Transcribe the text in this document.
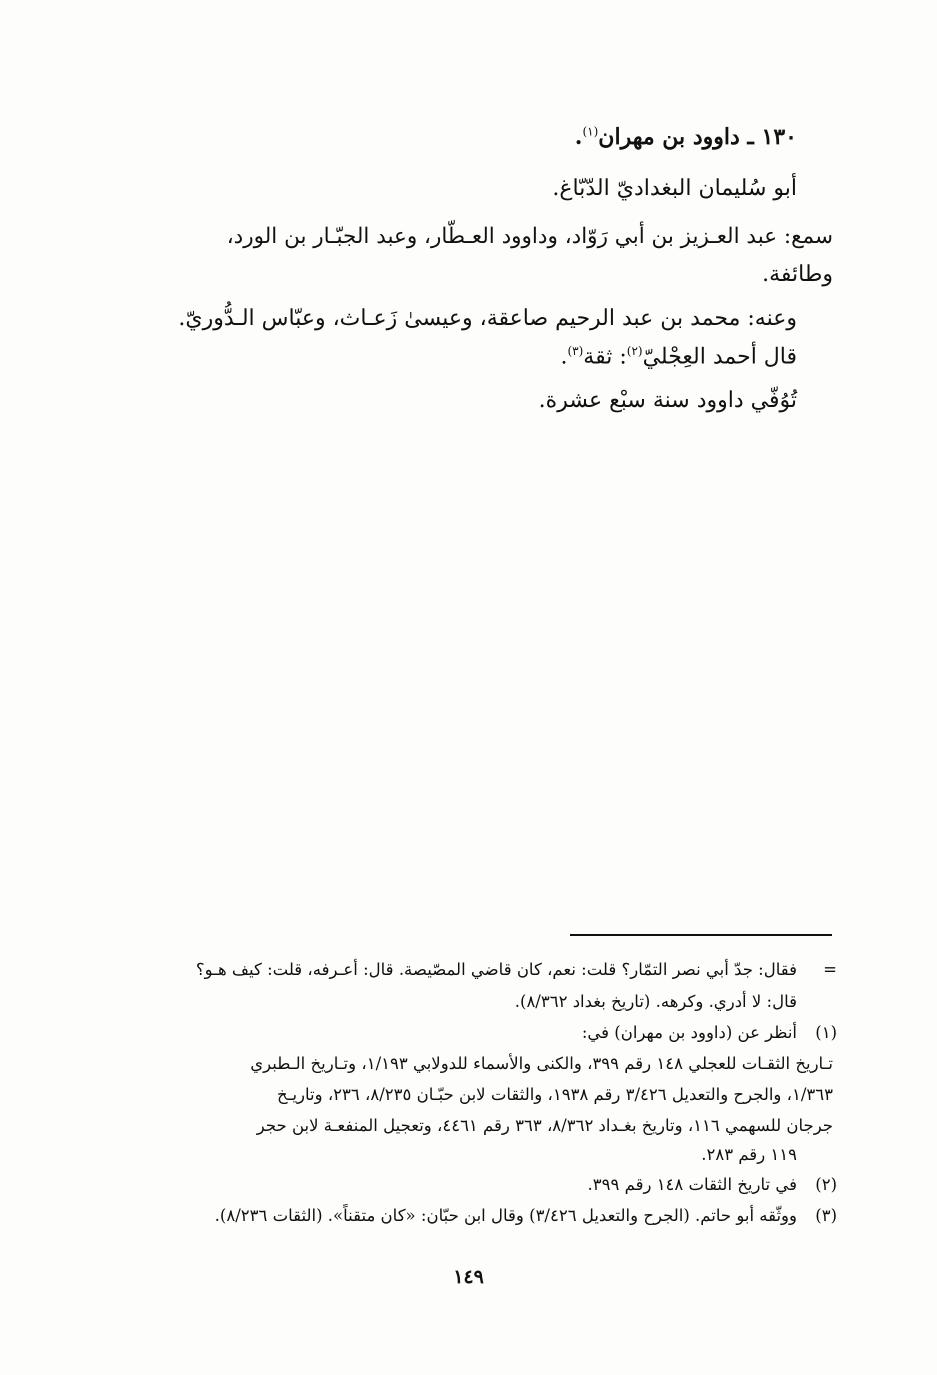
١٣٠ ـ داوود بن مهران$^{(١)}$.
أبو سُليمان البغداديّ الدّبّاغ.
سمع: عبد العـزيز بن أبي رَوّاد، وداوود العـطّار، وعبد الجبّـار بن الورد،
وطائفة.
وعنه: محمد بن عبد الرحيم صاعقة، وعيسىٰ زَعـاث، وعبّاس الـدُّوريّ.
قال أحمد العِجْليّ$^{(٢)}$: ثقة$^{(٣)}$.
تُوُفّي داوود سنة سبْع عشرة.
=
فقال: جدّ أبي نصر التمّار؟ قلت: نعم، كان قاضي المصّيصة. قال: أعـرفه، قلت: كيف هـو؟
قال: لا أدري. وكرهه. (تاريخ بغداد ٨/٣٦٢).
(١)
أنظر عن (داوود بن مهران) في:
تـاريخ الثقـات للعجلي ١٤٨ رقم ٣٩٩، والكنى والأسماء للدولابي ١/١٩٣، وتـاريخ الـطبري
١/٣٦٣، والجرح والتعديل ٣/٤٢٦ رقم ١٩٣٨، والثقات لابن حبّـان ٨/٢٣٥، ٢٣٦، وتاريـخ
جرجان للسهمي ١١٦، وتاريخ بغـداد ٨/٣٦٢، ٣٦٣ رقم ٤٤٦١، وتعجيل المنفعـة لابن حجر
١١٩ رقم ٢٨٣.
(٢)
في تاريخ الثقات ١٤٨ رقم ٣٩٩.
(٣)
ووثّقه أبو حاتم. (الجرح والتعديل ٣/٤٢٦) وقال ابن حبّان: «كان متقناً». (الثقات ٨/٢٣٦).
١٤٩
